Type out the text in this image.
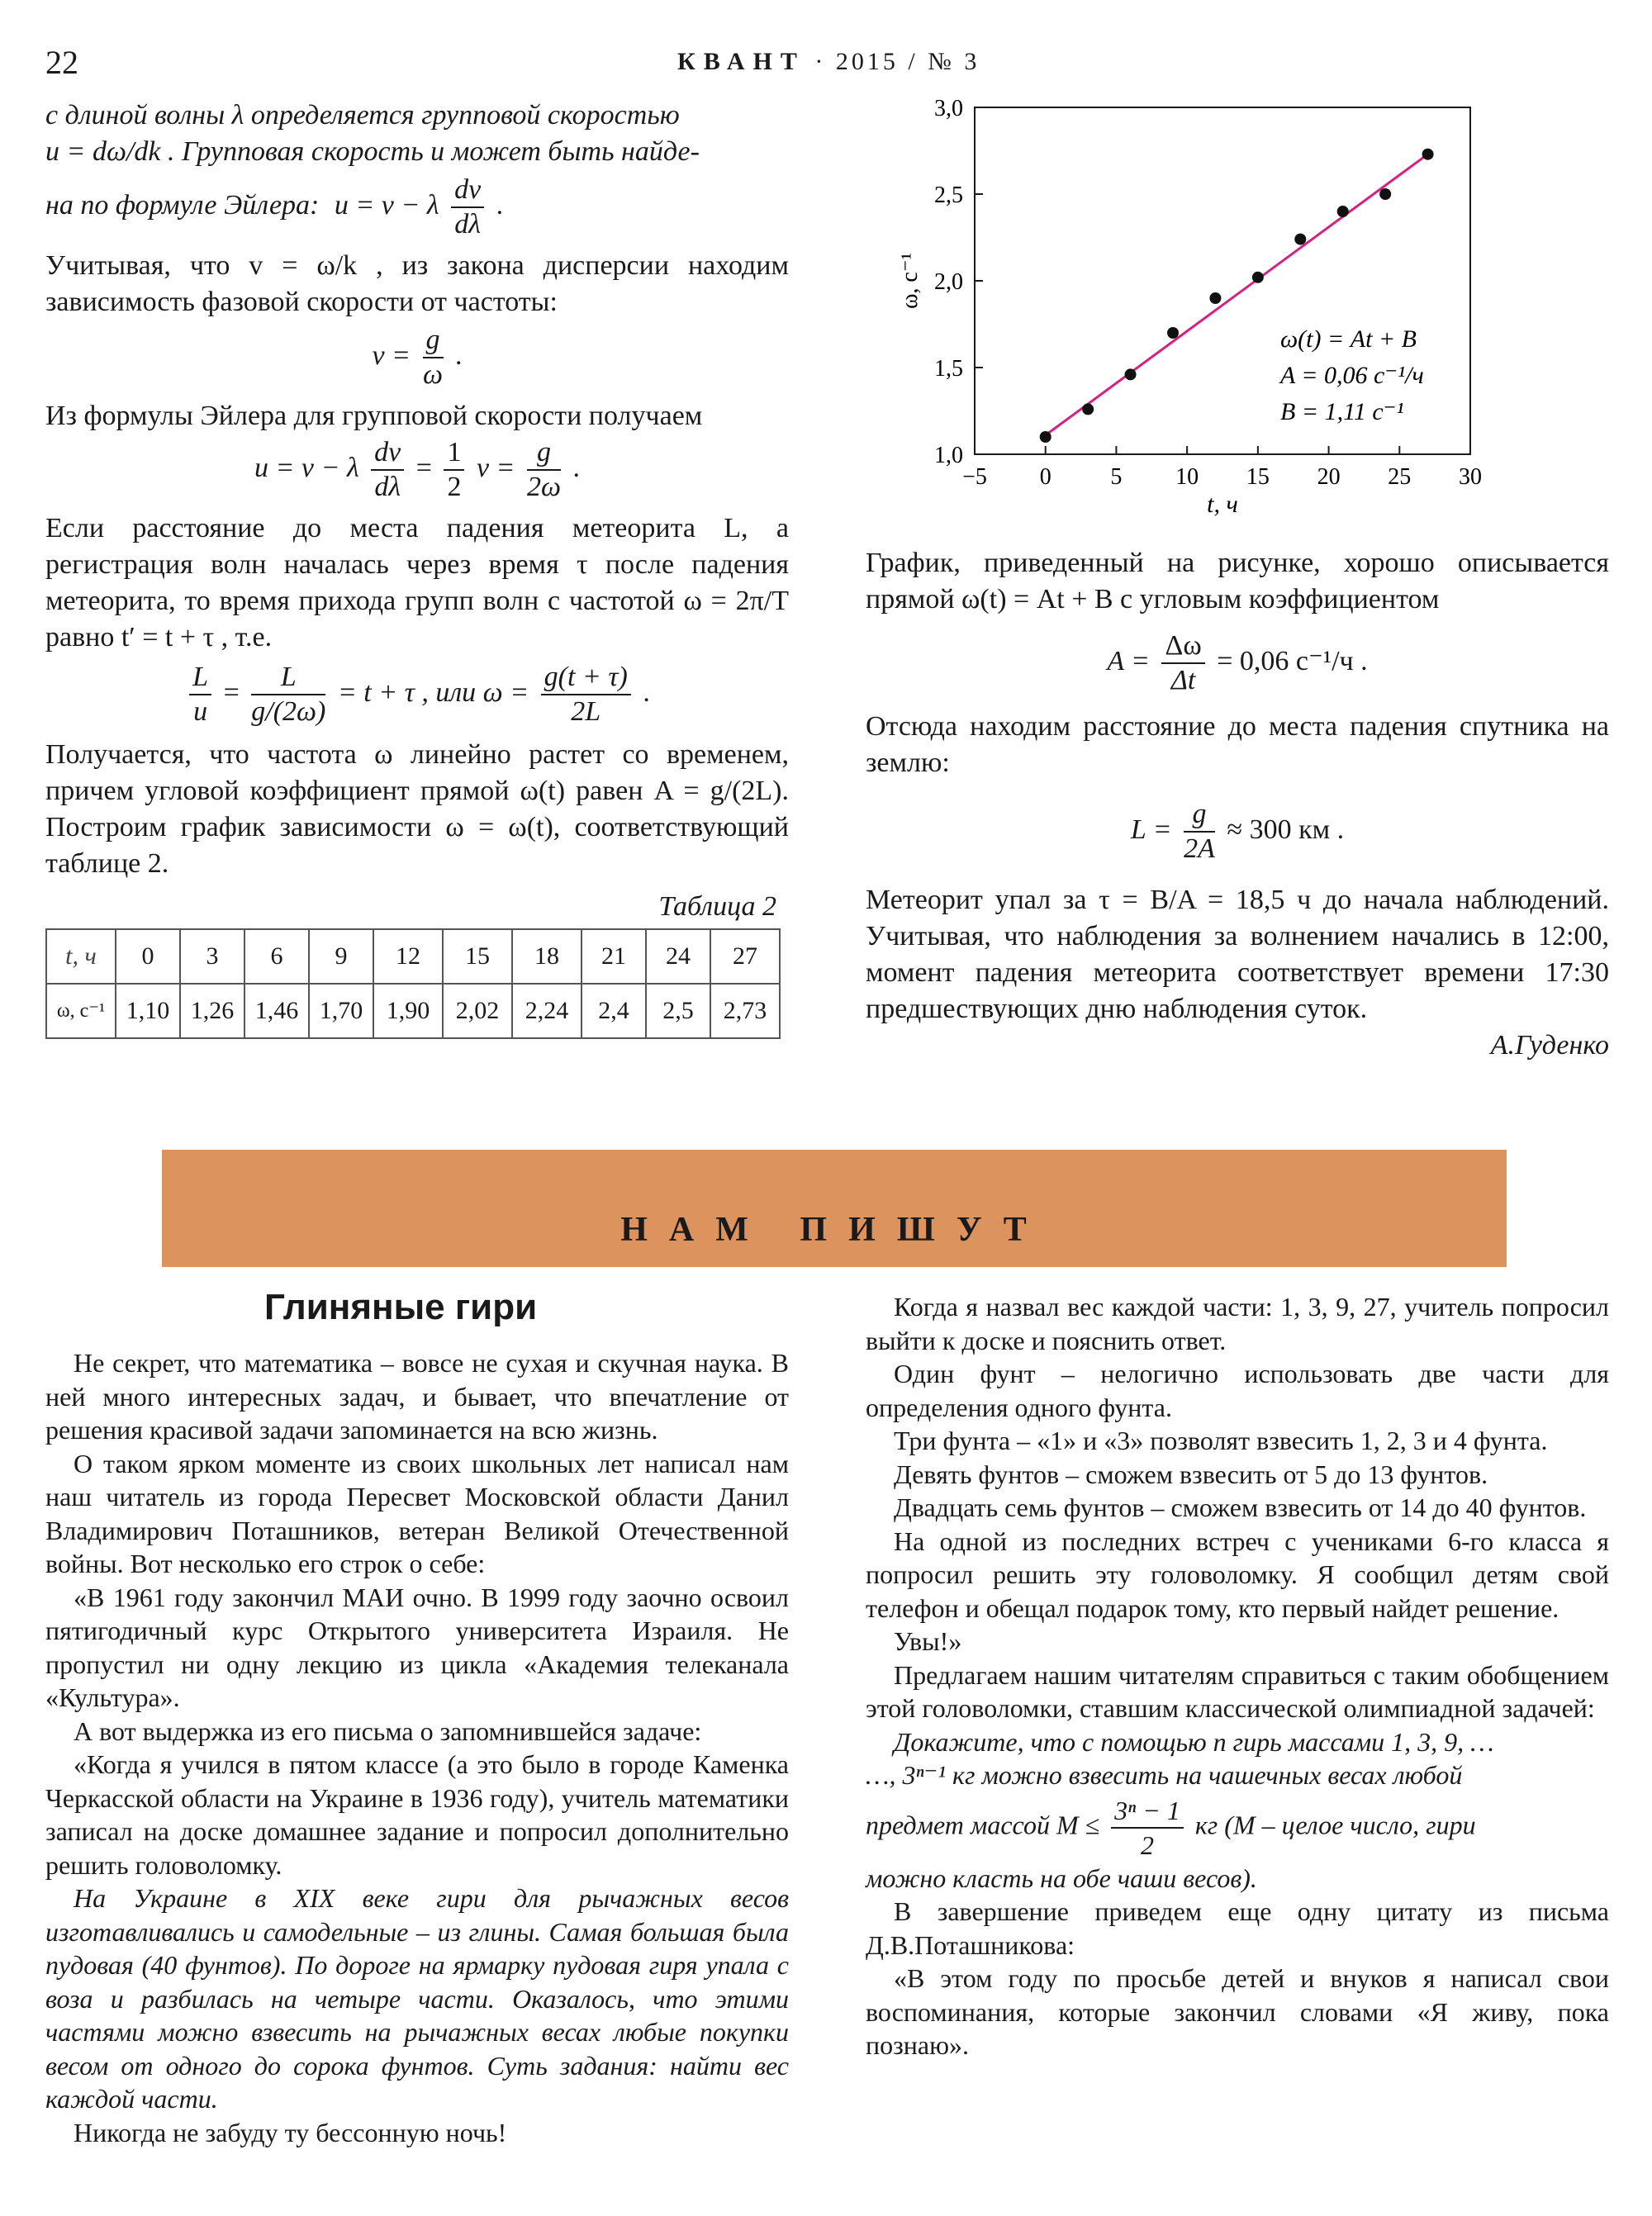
22	КВАНТ · 2015 / № 3

с длиной волны λ определяется групповой скоростью

u = dω/dk . Групповая скорость и может быть найде-

на по формуле Эйлера: u = v − λ $\frac{dv}{d\lambda}$ .

Учитывая, что v = ω/k , из закона дисперсии находим зависимость фазовой скорости от частоты:

$v = \frac{g}{\omega}$ .

Из формулы Эйлера для групповой скорости получаем

u = v − λ $\frac{dv}{d\lambda} = \frac{1}{2}$ $v = \frac{g}{2\omega}$ .

Если расстояние до места падения метеорита L, а регистрация волн началась через время τ после падения метеорита, то время прихода групп волн с частотой ω = 2π/T равно t′ = t + τ , т.е.

$\frac{L}{u} = \frac{L}{g/(2\omega)} = t + \tau$ , или $\omega = \frac{g(t + \tau)}{2L}$ .

Получается, что частота ω линейно растет со временем, причем угловой коэффициент прямой ω(t) равен A = g/(2L). Построим график зависимости ω = ω(t), соответствующий таблице 2.

Таблица 2

t, ч	0	3	6	9	12	15	18	21	24	27
ω, с⁻¹	1,10	1,26	1,46	1,70	1,90	2,02	2,24	2,4	2,5	2,73
−5 0	5 10 15 20 25 30
1,0
1,5
2,0
2,5
3,0
t, ч
ω, с⁻¹
ω(t) = At + B
A = 0,06 с⁻¹/ч
B = 1,11 с⁻¹

График, приведенный на рисунке, хорошо описывается прямой ω(t) = At + B с угловым коэффициентом

$A = \frac{\Delta\omega}{\Delta t} = 0,06$ с⁻¹/ч .

Отсюда находим расстояние до места падения спутника на землю:

$L = \frac{g}{2A} \approx 300$ км .

Метеорит упал за τ = B/A = 18,5 ч до начала наблюдений. Учитывая, что наблюдения за волнением начались в 12:00, момент падения метеорита соответствует времени 17:30 предшествующих дню наблюдения суток.

А.Гуденко

НАМ ПИШУТ
Глиняные гири

Не секрет, что математика – вовсе не сухая и скучная наука. В ней много интересных задач, и бывает, что впечатление от решения красивой задачи запоминается на всю жизнь.

О таком ярком моменте из своих школьных лет написал нам наш читатель из города Пересвет Московской области Данил Владимирович Поташников, ветеран Великой Отечественной войны. Вот несколько его строк о себе:

«В 1961 году закончил МАИ очно. В 1999 году заочно освоил пятигодичный курс Открытого университета Израиля. Не пропустил ни одну лекцию из цикла «Академия телеканала «Культура».

А вот выдержка из его письма о запомнившейся задаче:

«Когда я учился в пятом классе (а это было в городе Каменка Черкасской области на Украине в 1936 году), учитель математики записал на доске домашнее задание и попросил дополнительно решить головоломку.

На Украине в XIX веке гири для рычажных весов изготавливались и самодельные – из глины. Самая большая была пудовая (40 фунтов). По дороге на ярмарку пудовая гиря упала с воза и разбилась на четыре части. Оказалось, что этими частями можно взвесить на рычажных весах любые покупки весом от одного до сорока фунтов. Суть задания: найти вес каждой части.

Никогда не забуду ту бессонную ночь!

Когда я назвал вес каждой части: 1, 3, 9, 27, учитель попросил выйти к доске и пояснить ответ.

Один фунт – нелогично использовать две части для определения одного фунта.

Три фунта – «1» и «3» позволят взвесить 1, 2, 3 и 4 фунта.

Девять фунтов – сможем взвесить от 5 до 13 фунтов.

Двадцать семь фунтов – сможем взвесить от 14 до 40 фунтов.

На одной из последних встреч с учениками 6-го класса я попросил решить эту головоломку. Я сообщил детям свой телефон и обещал подарок тому, кто первый найдет решение.

Увы!»

Предлагаем нашим читателям справиться с таким обобщением этой головоломки, ставшим классической олимпиадной задачей:

Докажите, что с помощью n гирь массами 1, 3, 9, …

…, 3ⁿ⁻¹ кг можно взвесить на чашечных весах любой

предмет массой $M \le \frac{\text{3ⁿ − 1}}{2}$ кг (M – целое число, гири

можно класть на обе чаши весов).

В завершение приведем еще одну цитату из письма Д.В.Поташникова:

«В этом году по просьбе детей и внуков я написал свои воспоминания, которые закончил словами «Я живу, пока познаю».
